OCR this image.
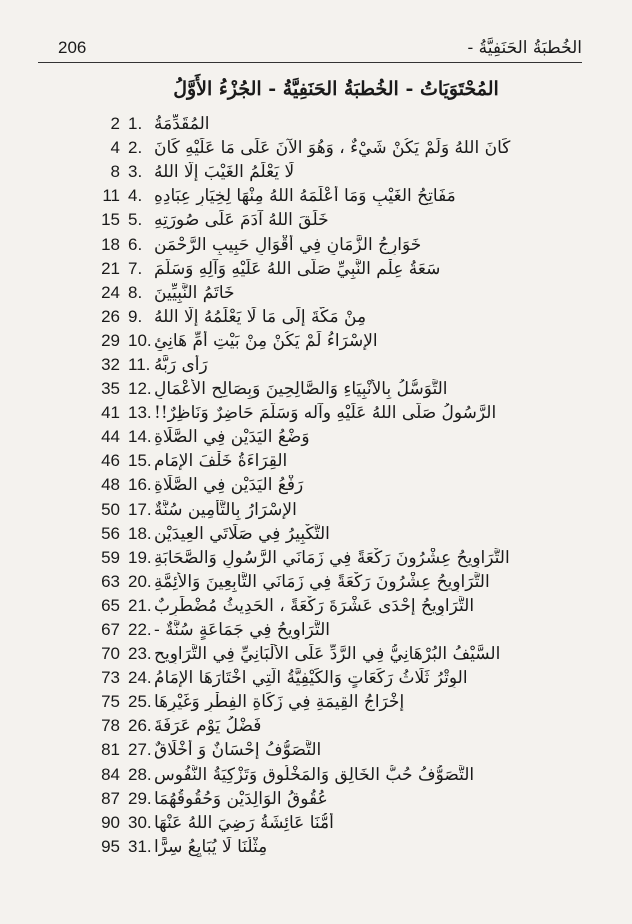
206	الخُطبَةُ الحَنَفِيَّةُ -
المُحْتَوَيَاتُ - الخُطبَةُ الحَنَفِيَّةُ - الجُزْءُ الأَوَّلُ
2 1. المُقَدِّمَةُ
4 2. كَانَ اللهُ وَلَمْ يَكُنْ شَيْءٌ ، وَهُوَ الآنَ عَلَى مَا عَلَيْهِ كَانَ
8 3. لَا يَعْلَمُ الغَيْبَ إِلَّا اللهُ
11 4. مَفَاتِحُ الغَيْبِ وَمَا أَعْلَمَهُ اللهُ مِنْهَا لِخِيَارِ عِبَادِهِ
15 5. خَلَقَ اللهُ آدَمَ عَلَى صُورَتِهِ
18 6. خَوَارِجُ الزَّمَانِ فِي أَقْوَالِ حَبِيبِ الرَّحْمَنِ
21 7. سَعَةُ عِلْمِ النَّبِيِّ صَلَّى اللهُ عَلَيْهِ وَآلِهِ وَسَلَّمَ
24 8. خَاتَمُ النَّبِيِّينَ
26 9. مِنْ مَكَّةَ إِلَى مَا لَا يَعْلَمُهُ إِلَّا اللهُ
29 10. الإِسْرَاءُ لَمْ يَكُنْ مِنْ بَيْتِ أُمِّ هَانِئٍ
32 11. رَأَى رَبَّهُ
35 12. التَّوَسُّلُ بِالأَنْبِيَاءِ وَالصَّالِحِينَ وَبِصَالِحِ الأَعْمَالِ
41 13. الرَّسُولُ صَلَّى اللهُ عَلَيْهِ وآله وَسَلَّمَ حَاضِرٌ وَنَاظِرٌ!!
44 14. وَضْعُ اليَدَيْنِ فِي الصَّلَاةِ
46 15. القِرَاءَةُ خَلْفَ الإِمَامِ
48 16. رَفْعُ اليَدَيْنِ فِي الصَّلَاةِ
50 17. الإِسْرَارُ بِالتَّأْمِينِ سُنَّةٌ
56 18. التَّكْبِيرُ فِي صَلَاتَيِ العِيدَيْنِ
59 19. التَّرَاوِيحُ عِشْرُونَ رَكْعَةً فِي زَمَانَيِ الرَّسُولِ وَالصَّحَابَةِ
63 20. التَّرَاوِيحُ عِشْرُونَ رَكْعَةً فِي زَمَانَيِ التَّابِعِينَ وَالأَئِمَّةِ
65 21. التَّرَاوِيحُ إِحْدَى عَشْرَةَ رَكْعَةً ، الحَدِيثُ مُضْطَرِبٌ
67 22. التَّرَاوِيحُ فِي جَمَاعَةٍ سُنَّةٌ -
70 23. السَّيْفُ البُرْهَانِيُّ فِي الرَّدِّ عَلَى الأَلْبَانِيِّ فِي التَّرَاوِيحِ
73 24. الوِتْرُ ثَلَاثُ رَكَعَاتٍ وَالكَيْفِيَّةُ الَّتِي اخْتَارَهَا الإِمَامُ
75 25. إِخْرَاجُ القِيمَةِ فِي زَكَاةِ الفِطْرِ وَغَيْرِهَا
78 26. فَضْلُ يَوْمِ عَرَفَةَ
81 27. التَّصَوُّفُ إِحْسَانٌ وَ أَخْلَاقٌ
84 28. التَّصَوُّفُ حُبُّ الخَالِقِ وَالمَخْلُوقِ وَتَزْكِيَةُ النُّفُوسِ
87 29. عُقُوقُ الوَالِدَيْنِ وَحُقُوقُهُمَا
90 30. أُمُّنَا عَائِشَةُ رَضِيَ اللهُ عَنْهَا
95 31. مِثْلُنَا لَا يُبَايِعُ سِرًّا
